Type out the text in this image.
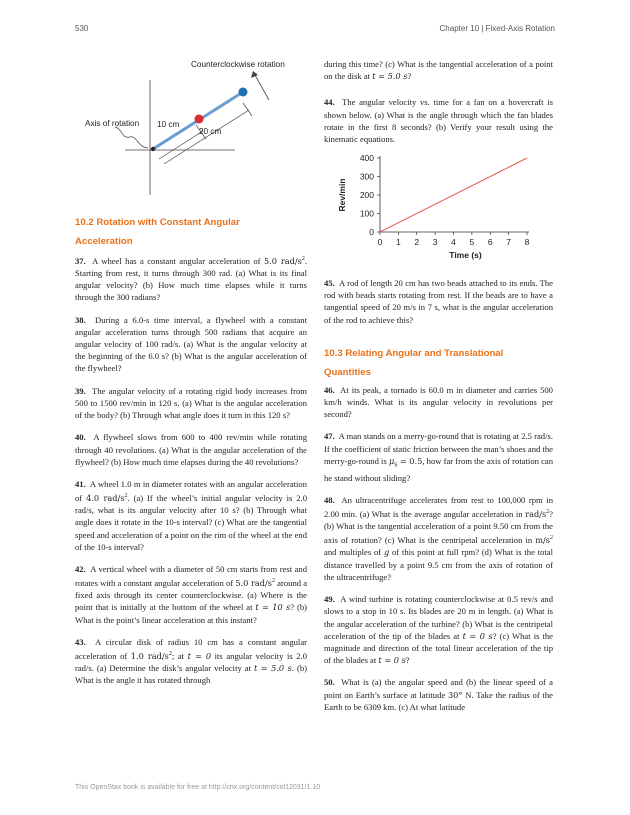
530	Chapter 10 | Fixed-Axis Rotation
Counterclockwise rotation
Axis of rotation 10 cm
20 cm

10.2 Rotation with Constant Angular
Acceleration

37. A wheel has a constant angular acceleration of 5.0 rad/$s^2$. Starting from rest, it turns through 300 rad. (a) What is its final angular velocity? (b) How much time elapses while it turns through the 300 radians?

38. During a 6.0-s time interval, a flywheel with a constant angular acceleration turns through 500 radians that acquire an angular velocity of 100 rad/s. (a) What is the angular velocity at the beginning of the 6.0 s? (b) What is the angular acceleration of the flywheel?

39. The angular velocity of a rotating rigid body increases from 500 to 1500 rev/min in 120 s. (a) What is the angular acceleration of the body? (b) Through what angle does it turn in this 120 s?

40. A flywheel slows from 600 to 400 rev/min while rotating through 40 revolutions. (a) What is the angular acceleration of the flywheel? (b) How much time elapses during the 40 revolutions?

41. A wheel 1.0 m in diameter rotates with an angular acceleration of 4.0 rad/$s^2$. (a) If the wheel’s initial angular velocity is 2.0 rad/s, what is its angular velocity after 10 s? (b) Through what angle does it rotate in the 10-s interval? (c) What are the tangential speed and acceleration of a point on the rim of the wheel at the end of the 10-s interval?

42. A vertical wheel with a diameter of 50 cm starts from rest and rotates with a constant angular acceleration of 5.0 rad/$s^2$ around a fixed axis through its center counterclockwise. (a) Where is the point that is initially at the bottom of the wheel at t = 10 s? (b) What is the point’s linear acceleration at this instant?

43. A circular disk of radius 10 cm has a constant angular acceleration of 1.0 rad/$s^2$; at t = 0 its angular velocity is 2.0 rad/s. (a) Determine the disk’s angular velocity at t = 5.0 s. (b) What is the angle it has rotated through

during this time? (c) What is the tangential acceleration of a point on the disk at t = 5.0 s?

44. The angular velocity vs. time for a fan on a hovercraft is shown below. (a) What is the angle through which the fan blades rotate in the first 8 seconds? (b) Verify your result using the kinematic equations.

0
100
200
300
400
0 1 2 3 4 5 6 7 8
Time (s)
Rev/min

45. A rod of length 20 cm has two beads attached to its ends. The rod with beads starts rotating from rest. If the beads are to have a tangential speed of 20 m/s in 7 s, what is the angular acceleration of the rod to achieve this?

10.3 Relating Angular and Translational
Quantities

46. At its peak, a tornado is 60.0 m in diameter and carries 500 km/h winds. What is its angular velocity in revolutions per second?

47. A man stands on a merry-go-round that is rotating at 2.5 rad/s. If the coefficient of static friction between the man’s shoes and the merry-go-round is $\mu_S = 0.5$, how far from the axis of rotation can he stand without sliding?

48. An ultracentrifuge accelerates from rest to 100,000 rpm in 2.00 min. (a) What is the average angular acceleration in rad/$s^2$? (b) What is the tangential acceleration of a point 9.50 cm from the axis of rotation? (c) What is the centripetal acceleration in $m/s^2$ and multiples of g of this point at full rpm? (d) What is the total distance travelled by a point 9.5 cm from the axis of rotation of the ultracentrifuge?

49. A wind turbine is rotating counterclockwise at 0.5 rev/s and slows to a stop in 10 s. Its blades are 20 m in length. (a) What is the angular acceleration of the turbine? (b) What is the centripetal acceleration of the tip of the blades at t = 0 s? (c) What is the magnitude and direction of the total linear acceleration of the tip of the blades at t = 0 s?

50. What is (a) the angular speed and (b) the linear speed of a point on Earth’s surface at latitude 30° N. Take the radius of the Earth to be 6309 km. (c) At what latitude

This OpenStax book is available for free at http://cnx.org/content/col12031/1.10
